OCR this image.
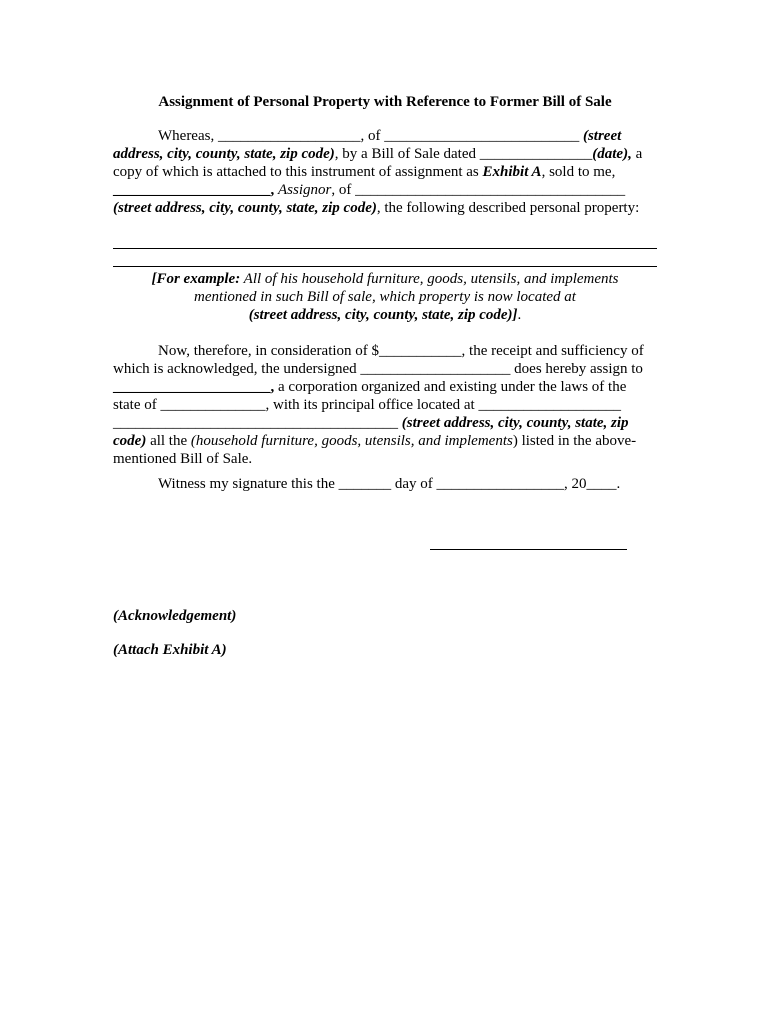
Assignment of Personal Property with Reference to Former Bill of Sale
Whereas, ___________________, of __________________________ (street
address, city, county, state, zip code), by a Bill of Sale dated _______________(date), a
copy of which is attached to this instrument of assignment as Exhibit A, sold to me,
_____________________, Assignor, of ____________________________________
(street address, city, county, state, zip code), the following described personal property:
[For example: All of his household furniture, goods, utensils, and implements
mentioned in such Bill of sale, which property is now located at
(street address, city, county, state, zip code)].
Now, therefore, in consideration of $___________, the receipt and sufficiency of
which is acknowledged, the undersigned ____________________ does hereby assign to
_____________________, a corporation organized and existing under the laws of the
state of ______________, with its principal office located at ___________________
______________________________________ (street address, city, county, state, zip
code) all the (household furniture, goods, utensils, and implements) listed in the above-
mentioned Bill of Sale.
Witness my signature this the _______ day of _________________, 20____.
(Acknowledgement)
(Attach Exhibit A)
